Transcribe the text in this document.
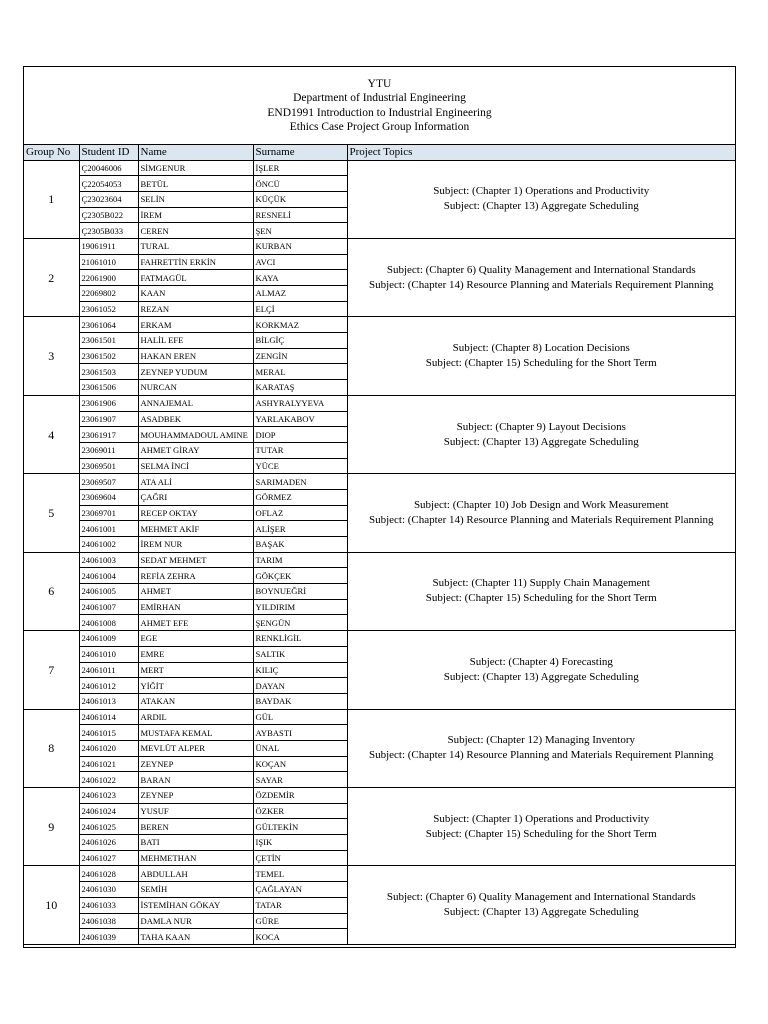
YTU
Department of Industrial Engineering
END1991 Introduction to Industrial Engineering
Ethics Case Project Group Information
Group No	Student ID	Name	Surname	Project Topics
1	Ç20046006	SİMGENUR	İŞLER	Subject: (Chapter 1) Operations and Productivity
Subject: (Chapter 13) Aggregate Scheduling

	Ç22054053	BETÜL	ÖNCÜ	
	Ç23023604	SELİN	KÜÇÜK	
	Ç2305B022	İREM	RESNELİ	
	Ç2305B033	CEREN	ŞEN	
2	19061911	TURAL	KURBAN	Subject: (Chapter 6) Quality Management and International Standards
Subject: (Chapter 14) Resource Planning and Materials Requirement Planning

	21061010	FAHRETTİN ERKİN	AVCI	
	22061900	FATMAGÜL	KAYA	
	22069802	KAAN	ALMAZ	
	23061052	REZAN	ELÇİ	
3	23061064	ERKAM	KORKMAZ	Subject: (Chapter 8) Location Decisions
Subject: (Chapter 15) Scheduling for the Short Term

	23061501	HALİL EFE	BİLGİÇ	
	23061502	HAKAN EREN	ZENGİN	
	23061503	ZEYNEP YUDUM	MERAL	
	23061506	NURCAN	KARATAŞ	
4	23061906	ANNAJEMAL	ASHYRALYYEVA	Subject: (Chapter 9) Layout Decisions
Subject: (Chapter 13) Aggregate Scheduling

	23061907	ASADBEK	YARLAKABOV	
	23061917	MOUHAMMADOUL AMINE	DIOP	
	23069011	AHMET GİRAY	TUTAR	
	23069501	SELMA İNCİ	YÜCE	
5	23069507	ATA ALİ	SARIMADEN	Subject: (Chapter 10) Job Design and Work Measurement
Subject: (Chapter 14) Resource Planning and Materials Requirement Planning

	23069604	ÇAĞRI	GÖRMEZ	
	23069701	RECEP OKTAY	OFLAZ	
	24061001	MEHMET AKİF	ALİŞER	
	24061002	İREM NUR	BAŞAK	
6	24061003	SEDAT MEHMET	TARIM	Subject: (Chapter 11) Supply Chain Management
Subject: (Chapter 15) Scheduling for the Short Term

	24061004	REFİA ZEHRA	GÖKÇEK	
	24061005	AHMET	BOYNUEĞRİ	
	24061007	EMİRHAN	YILDIRIM	
	24061008	AHMET EFE	ŞENGÜN	
7	24061009	EGE	RENKLİGİL	Subject: (Chapter 4) Forecasting
Subject: (Chapter 13) Aggregate Scheduling

	24061010	EMRE	SALTIK	
	24061011	MERT	KILIÇ	
	24061012	YİĞİT	DAYAN	
	24061013	ATAKAN	BAYDAK	
8	24061014	ARDIL	GÜL	Subject: (Chapter 12) Managing Inventory
Subject: (Chapter 14) Resource Planning and Materials Requirement Planning

	24061015	MUSTAFA KEMAL	AYBASTI	
	24061020	MEVLÜT ALPER	ÜNAL	
	24061021	ZEYNEP	KOÇAN	
	24061022	BARAN	SAYAR	
9	24061023	ZEYNEP	ÖZDEMİR	Subject: (Chapter 1) Operations and Productivity
Subject: (Chapter 15) Scheduling for the Short Term

	24061024	YUSUF	ÖZKER	
	24061025	BEREN	GÜLTEKİN	
	24061026	BATI	IŞIK	
	24061027	MEHMETHAN	ÇETİN	
10	24061028	ABDULLAH	TEMEL	Subject: (Chapter 6) Quality Management and International Standards
Subject: (Chapter 13) Aggregate Scheduling

	24061030	SEMİH	ÇAĞLAYAN	
	24061033	İSTEMİHAN GÖKAY	TATAR	
	24061038	DAMLA NUR	GÜRE	
	24061039	TAHA KAAN	KOCA	
